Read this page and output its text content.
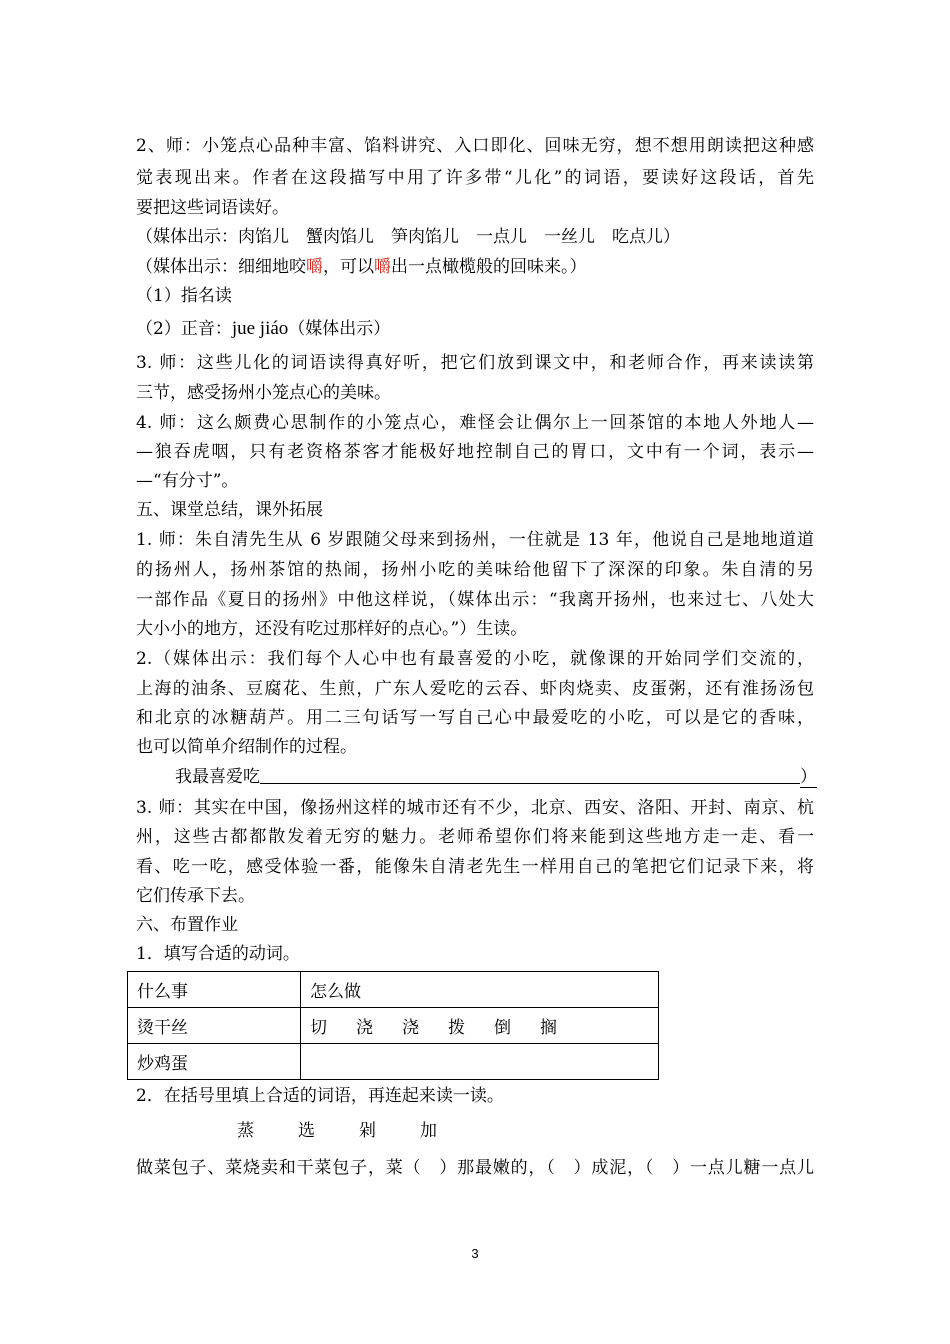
2、师：小笼点心品种丰富、馅料讲究、入口即化、回味无穷，想不想用朗读把这种感
觉表现出来。作者在这段描写中用了许多带“儿化”的词语，要读好这段话，首先
要把这些词语读好。
（媒体出示：肉馅儿　蟹肉馅儿　笋肉馅儿　一点儿　一丝儿　吃点儿）
（媒体出示：细细地咬嚼，可以嚼出一点橄榄般的回味来。）
（1）指名读
（2）正音：jue jiáo（媒体出示）
3. 师：这些儿化的词语读得真好听，把它们放到课文中，和老师合作，再来读读第
三节，感受扬州小笼点心的美味。
4. 师：这么颇费心思制作的小笼点心，难怪会让偶尔上一回茶馆的本地人外地人—
—狼吞虎咽，只有老资格茶客才能极好地控制自己的胃口，文中有一个词，表示—
—“有分寸”。
五、课堂总结，课外拓展
1. 师：朱自清先生从 6 岁跟随父母来到扬州，一住就是 13 年，他说自己是地地道道
的扬州人，扬州茶馆的热闹，扬州小吃的美味给他留下了深深的印象。朱自清的另
一部作品《夏日的扬州》中他这样说，（媒体出示：“我离开扬州，也来过七、八处大
大小小的地方，还没有吃过那样好的点心。”）生读。
2.（媒体出示：我们每个人心中也有最喜爱的小吃，就像课的开始同学们交流的，
上海的油条、豆腐花、生煎，广东人爱吃的云吞、虾肉烧卖、皮蛋粥，还有淮扬汤包
和北京的冰糖葫芦。用二三句话写一写自己心中最爱吃的小吃，可以是它的香味，
也可以简单介绍制作的过程。
我最喜爱吃	）
3. 师：其实在中国，像扬州这样的城市还有不少，北京、西安、洛阳、开封、南京、杭
州，这些古都都散发着无穷的魅力。老师希望你们将来能到这些地方走一走、看一
看、吃一吃，感受体验一番，能像朱自清老先生一样用自己的笔把它们记录下来，将
它们传承下去。
六、布置作业
1．填写合适的动词。
什么事	怎么做
烫干丝	切　浇　浇　拨　倒　搁
炒鸡蛋	
2．在括号里填上合适的词语，再连起来读一读。
蒸	选	剁	加
做菜包子、菜烧卖和干菜包子，菜（　）那最嫩的，（　）成泥，（　）一点儿糖一点儿
3
